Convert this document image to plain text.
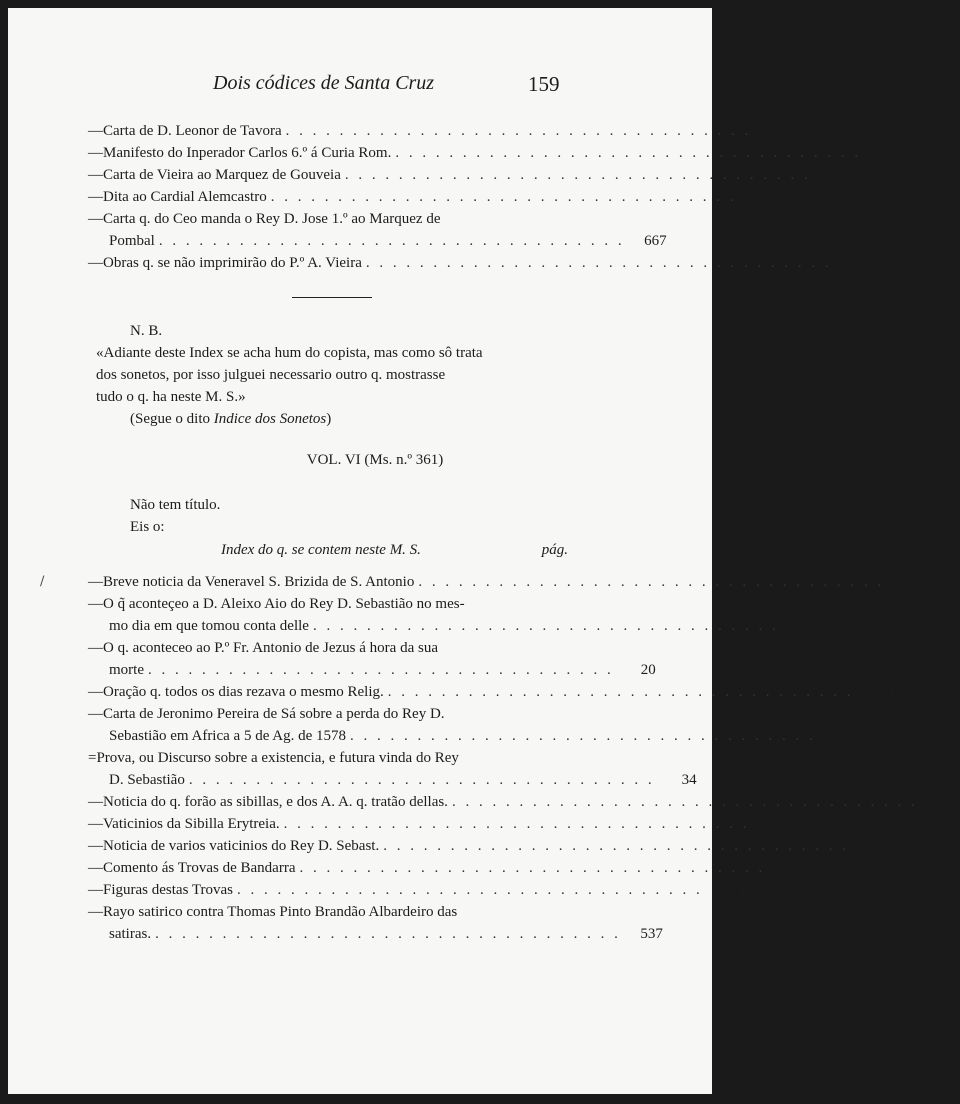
Dois códices de Santa Cruz	159
—Carta de D. Leonor de Tavora . . . . . . . . . . . . . . . . . . . . . . . . . . . . . . . . . . .	692
—Manifesto do Inperador Carlos 6.º á Curia Rom. . . . . . . . . . . . . . . . . . . . . . . . . . . . . . . . . . . .	629
—Carta de Vieira ao Marquez de Gouveia . . . . . . . . . . . . . . . . . . . . . . . . . . . . . . . . . . .	663
—Dita ao Cardial Alemcastro . . . . . . . . . . . . . . . . . . . . . . . . . . . . . . . . . . .	665
—Carta q. do Ceo manda o Rey D. Jose 1.º ao Marquez de
Pombal . . . . . . . . . . . . . . . . . . . . . . . . . . . . . . . . . . .	667
—Obras q. se não imprimirão do P.º A. Vieira . . . . . . . . . . . . . . . . . . . . . . . . . . . . . . . . . . .	679
N. B.
«Adiante deste Index se acha hum do copista, mas como sô trata
dos sonetos, por isso julguei necessario outro q. mostrasse
tudo o q. ha neste M. S.»
(Segue o dito Indice dos Sonetos)
VOL. VI (Ms. n.º 361)
Não tem título.
Eis o:
Index do q. se contem neste M. S.	pág.
—Breve noticia da Veneravel S. Brizida de S. Antonio . . . . . . . . . . . . . . . . . . . . . . . . . . . . . . . . . . .	1
—O q̃ aconteçeo a D. Aleixo Aio do Rey D. Sebastião no mes-
mo dia em que tomou conta delle . . . . . . . . . . . . . . . . . . . . . . . . . . . . . . . . . . .	19
—O q. aconteceo ao P.º Fr. Antonio de Jezus á hora da sua
morte . . . . . . . . . . . . . . . . . . . . . . . . . . . . . . . . . . .	20
—Oração q. todos os dias rezava o mesmo Relig. . . . . . . . . . . . . . . . . . . . . . . . . . . . . . . . . . . .	21
—Carta de Jeronimo Pereira de Sá sobre a perda do Rey D.
Sebastião em Africa a 5 de Ag. de 1578 . . . . . . . . . . . . . . . . . . . . . . . . . . . . . . . . . . .	23
=Prova, ou Discurso sobre a existencia, e futura vinda do Rey
D. Sebastião . . . . . . . . . . . . . . . . . . . . . . . . . . . . . . . . . . .	34
—Noticia do q. forão as sibillas, e dos A. A. q. tratão dellas. . . . . . . . . . . . . . . . . . . . . . . . . . . . . . . . . . . .	411
—Vaticinios da Sibilla Erytreia. . . . . . . . . . . . . . . . . . . . . . . . . . . . . . . . . . . .	429
—Noticia de varios vaticinios do Rey D. Sebast. . . . . . . . . . . . . . . . . . . . . . . . . . . . . . . . . . . .	496
—Comento ás Trovas de Bandarra . . . . . . . . . . . . . . . . . . . . . . . . . . . . . . . . . . .	515
—Figuras destas Trovas . . . . . . . . . . . . . . . . . . . . . . . . . . . . . . . . . . .	534
—Rayo satirico contra Thomas Pinto Brandão Albardeiro das
satiras. . . . . . . . . . . . . . . . . . . . . . . . . . . . . . . . . . . .	537
/
